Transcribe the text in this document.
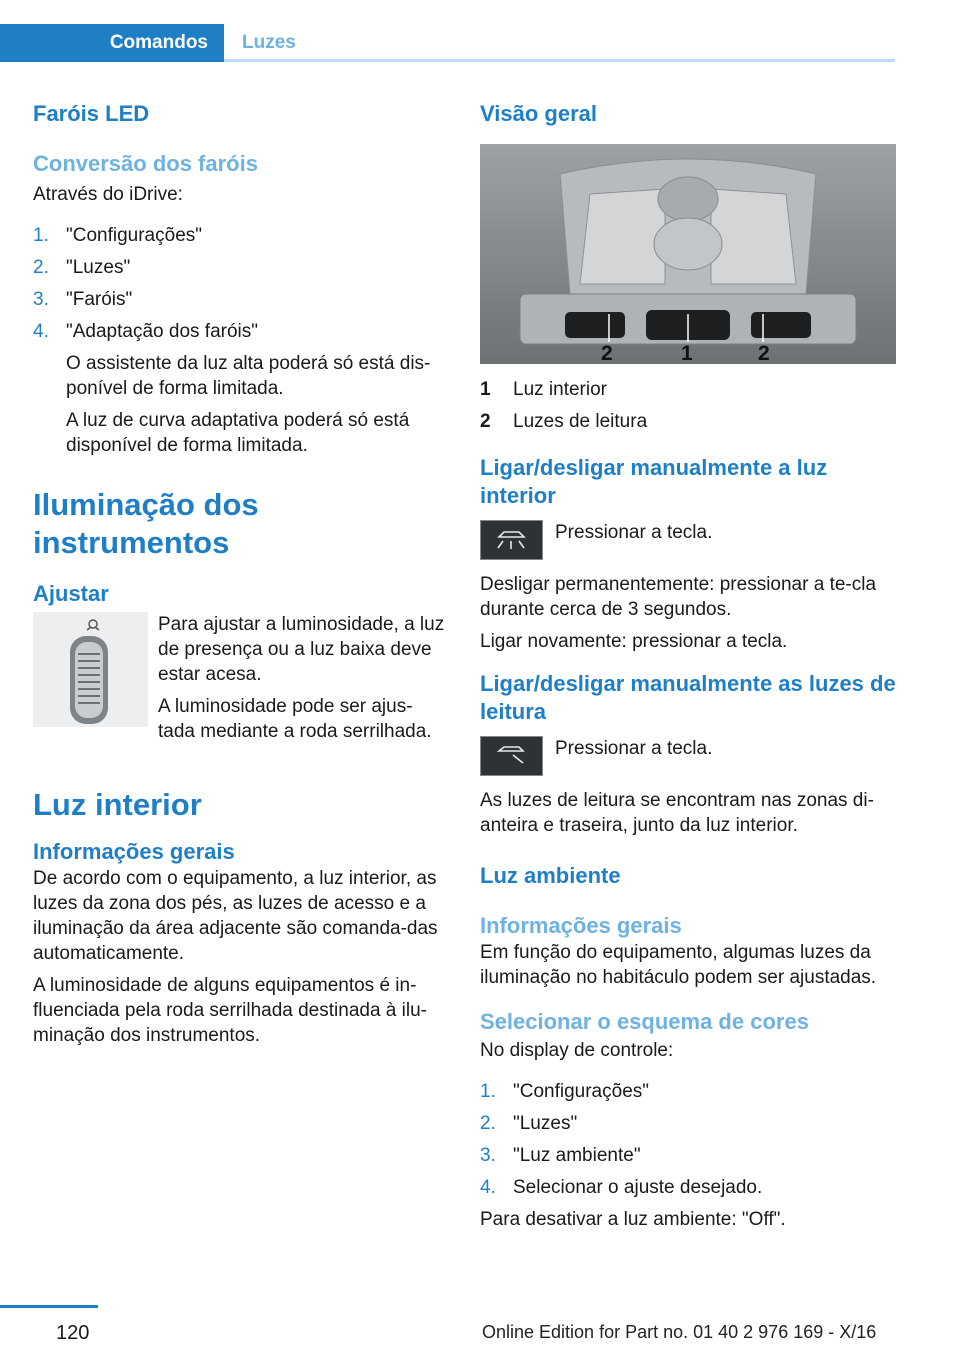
Comandos	Luzes
Faróis LED
Conversão dos faróis
Através do iDrive:
1. "Configurações"
2. "Luzes"
3. "Faróis"
4. "Adaptação dos faróis"
O assistente da luz alta poderá só está dis-ponível de forma limitada.
A luz de curva adaptativa poderá só está disponível de forma limitada.
Iluminação dos instrumentos
Ajustar
Para ajustar a luminosidade, a luz de presença ou a luz baixa deve estar acesa.
A luminosidade pode ser ajus-tada mediante a roda serrilhada.
Luz interior
Informações gerais
De acordo com o equipamento, a luz interior, as luzes da zona dos pés, as luzes de acesso e a iluminação da área adjacente são comanda-das automaticamente.
A luminosidade de alguns equipamentos é in-fluenciada pela roda serrilhada destinada à ilu-minação dos instrumentos.
Visão geral
2	1	2
1	Luz interior
2	Luzes de leitura
Ligar/desligar manualmente a luz interior
Pressionar a tecla.
Desligar permanentemente: pressionar a te-cla durante cerca de 3 segundos.
Ligar novamente: pressionar a tecla.
Ligar/desligar manualmente as luzes de leitura
Pressionar a tecla.
As luzes de leitura se encontram nas zonas di-anteira e traseira, junto da luz interior.
Luz ambiente
Informações gerais
Em função do equipamento, algumas luzes da iluminação no habitáculo podem ser ajustadas.
Selecionar o esquema de cores
No display de controle:
1. "Configurações"
2. "Luzes"
3. "Luz ambiente"
4. Selecionar o ajuste desejado.
Para desativar a luz ambiente: "Off".
120	Online Edition for Part no. 01 40 2 976 169 - X/16
